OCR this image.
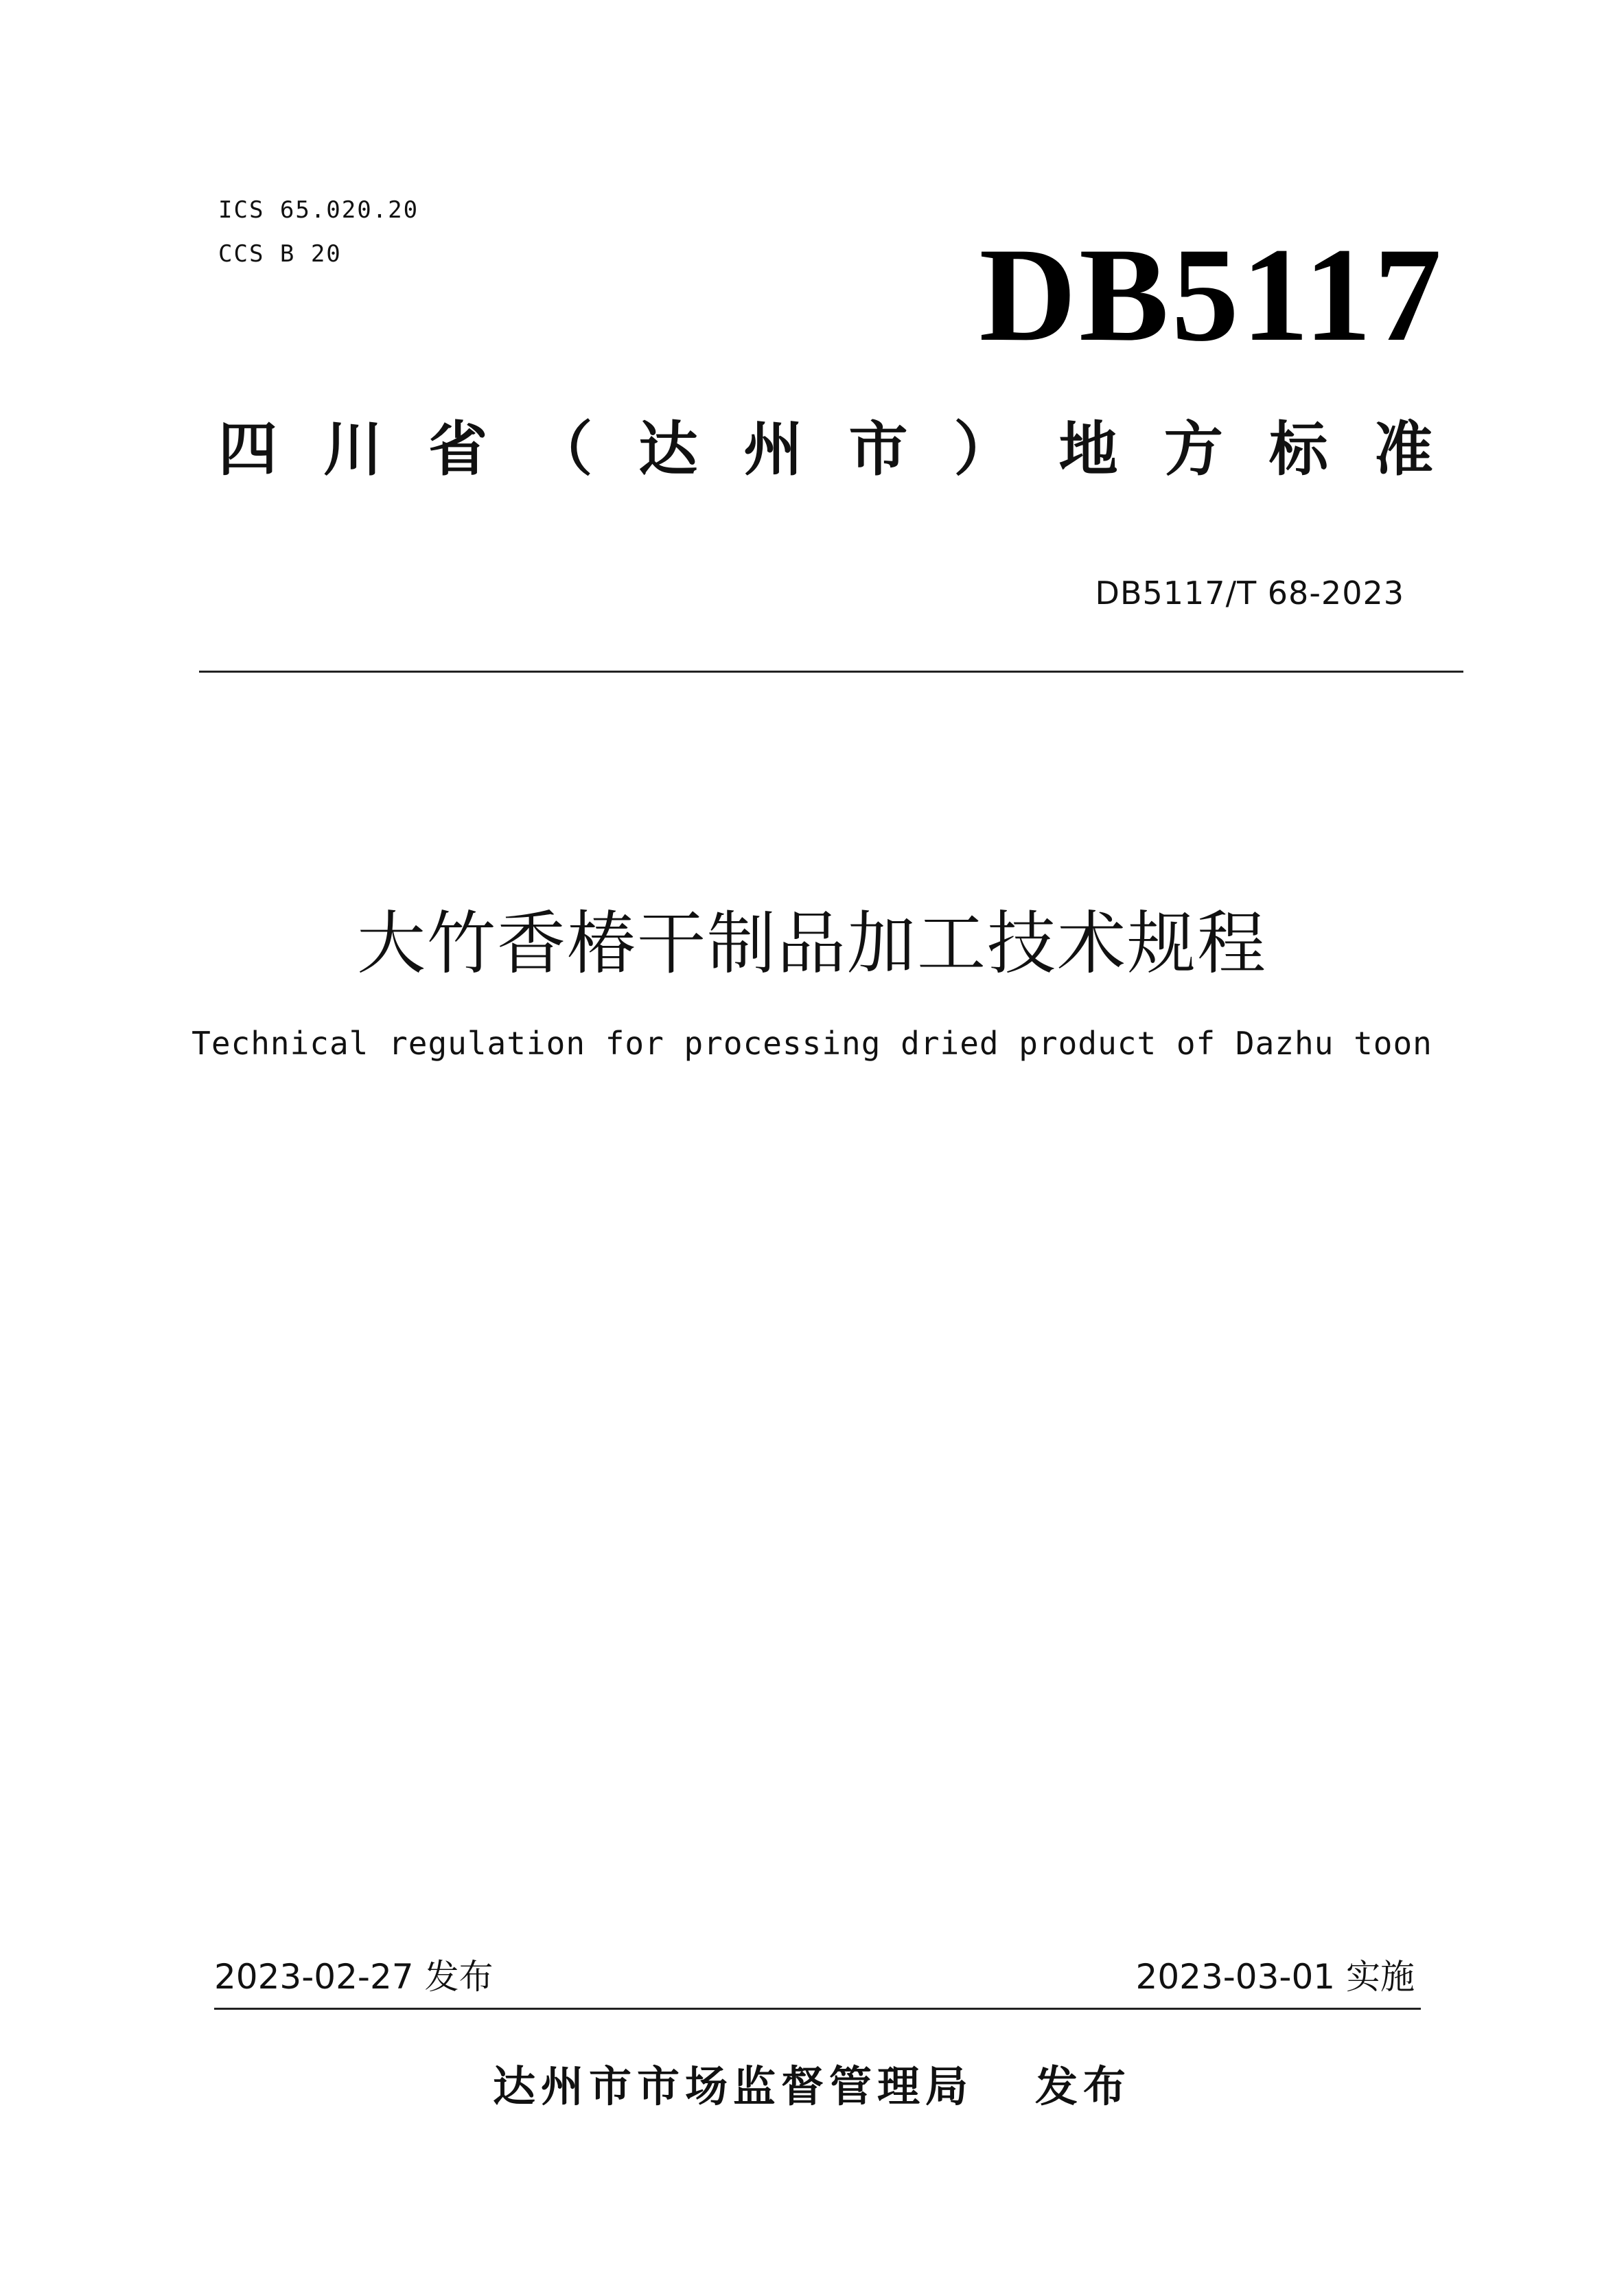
ICS 65.020.20
CCS B 20	DB5117
四 川 省 （ 达 州 市 ） 地 方 标 准
DB5117/T 68-2023
大竹香椿干制品加工技术规程
Technical regulation for processing dried product of Dazhu toon
2023-02-27 发布	2023-03-01 实施
达州市市场监督管理局 发布
